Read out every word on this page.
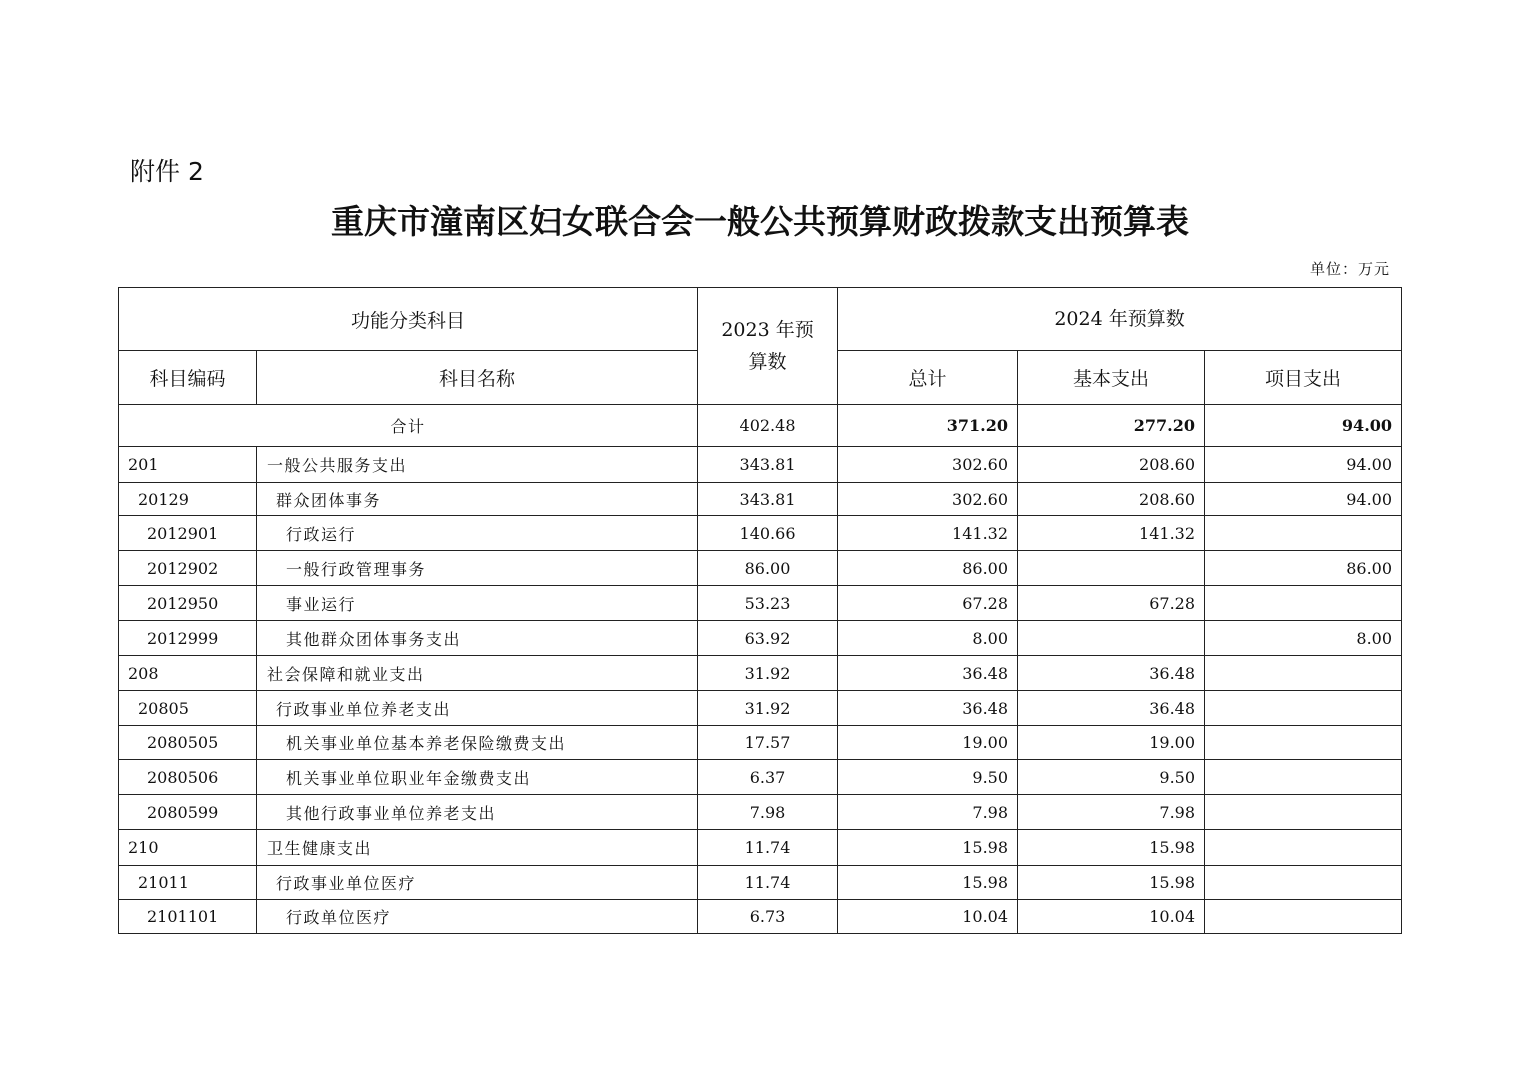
附件 2
重庆市潼南区妇女联合会一般公共预算财政拨款支出预算表
单位：万元
功能分类科目		2023 年预算数	2024 年预算数		
科目编码	科目名称		总计	基本支出	项目支出
合计		402.48	371.20	277.20	94.00
201	一般公共服务支出	343.81	302.60	208.60	94.00
20129	群众团体事务	343.81	302.60	208.60	94.00
2012901	行政运行	140.66	141.32	141.32	
2012902	一般行政管理事务	86.00	86.00		86.00
2012950	事业运行	53.23	67.28	67.28	
2012999	其他群众团体事务支出	63.92	8.00		8.00
208	社会保障和就业支出	31.92	36.48	36.48	
20805	行政事业单位养老支出	31.92	36.48	36.48	
2080505	机关事业单位基本养老保险缴费支出	17.57	19.00	19.00	
2080506	机关事业单位职业年金缴费支出	6.37	9.50	9.50	
2080599	其他行政事业单位养老支出	7.98	7.98	7.98	
210	卫生健康支出	11.74	15.98	15.98	
21011	行政事业单位医疗	11.74	15.98	15.98	
2101101	行政单位医疗	6.73	10.04	10.04	
